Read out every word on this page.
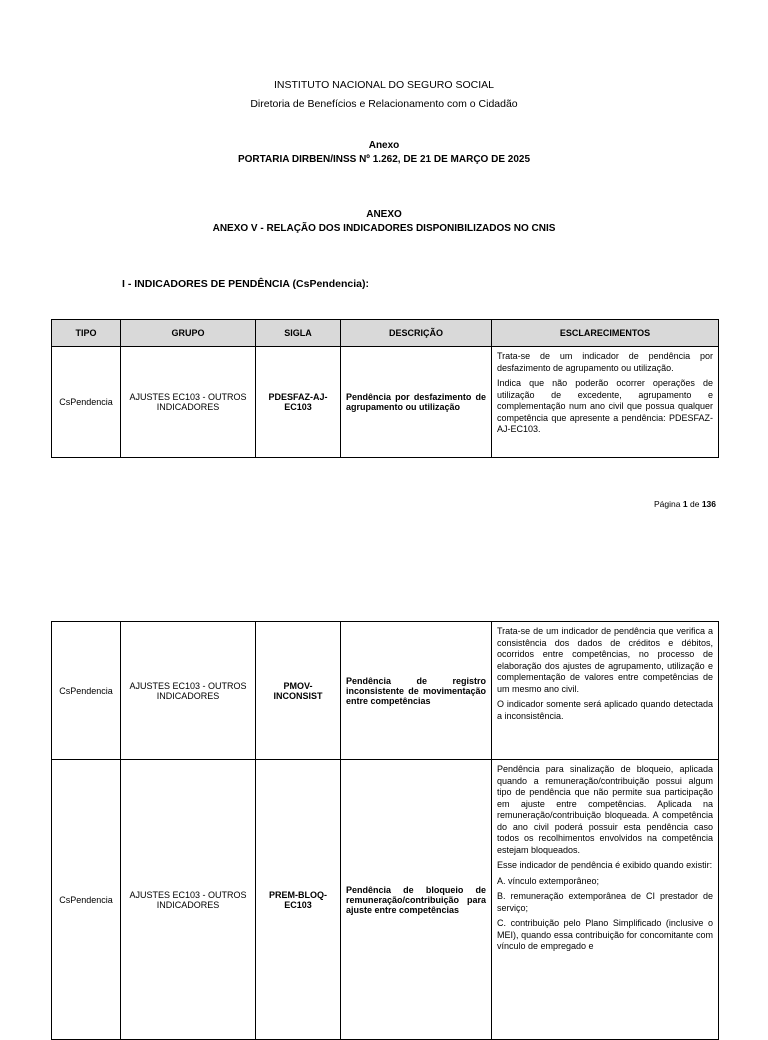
INSTITUTO NACIONAL DO SEGURO SOCIAL
Diretoria de Benefícios e Relacionamento com o Cidadão
Anexo
PORTARIA DIRBEN/INSS Nº 1.262, DE 21 DE MARÇO DE 2025
ANEXO
ANEXO V - RELAÇÃO DOS INDICADORES DISPONIBILIZADOS NO CNIS
I - INDICADORES DE PENDÊNCIA (CsPendencia):
TIPO	GRUPO	SIGLA	DESCRIÇÃO	ESCLARECIMENTOS
CsPendencia	AJUSTES EC103 - OUTROS INDICADORES	PDESFAZ-AJ-EC103	Pendência por desfazimento de agrupamento ou utilização	Trata-se de um indicador de pendência por desfazimento de agrupamento ou utilização.

Indica que não poderão ocorrer operações de utilização de excedente, agrupamento e complementação num ano civil que possua qualquer competência que apresente a pendência: PDESFAZ-AJ-EC103.

Página 1 de 136
CsPendencia	AJUSTES EC103 - OUTROS INDICADORES	PMOV-INCONSIST	Pendência de registro inconsistente de movimentação entre competências	Trata-se de um indicador de pendência que verifica a consistência dos dados de créditos e débitos, ocorridos entre competências, no processo de elaboração dos ajustes de agrupamento, utilização e complementação de valores entre competências de um mesmo ano civil.

O indicador somente será aplicado quando detectada a inconsistência.

CsPendencia	AJUSTES EC103 - OUTROS INDICADORES	PREM-BLOQ-EC103	Pendência de bloqueio de remuneração/contribuição para ajuste entre competências	Pendência para sinalização de bloqueio, aplicada quando a remuneração/contribuição possui algum tipo de pendência que não permite sua participação em ajuste entre competências. Aplicada na remuneração/contribuição bloqueada. A competência do ano civil poderá possuir esta pendência caso todos os recolhimentos envolvidos na competência estejam bloqueados.

Esse indicador de pendência é exibido quando existir:

A. vínculo extemporâneo;

B. remuneração extemporânea de CI prestador de serviço;

C. contribuição pelo Plano Simplificado (inclusive o MEI), quando essa contribuição for concomitante com vínculo de empregado e
